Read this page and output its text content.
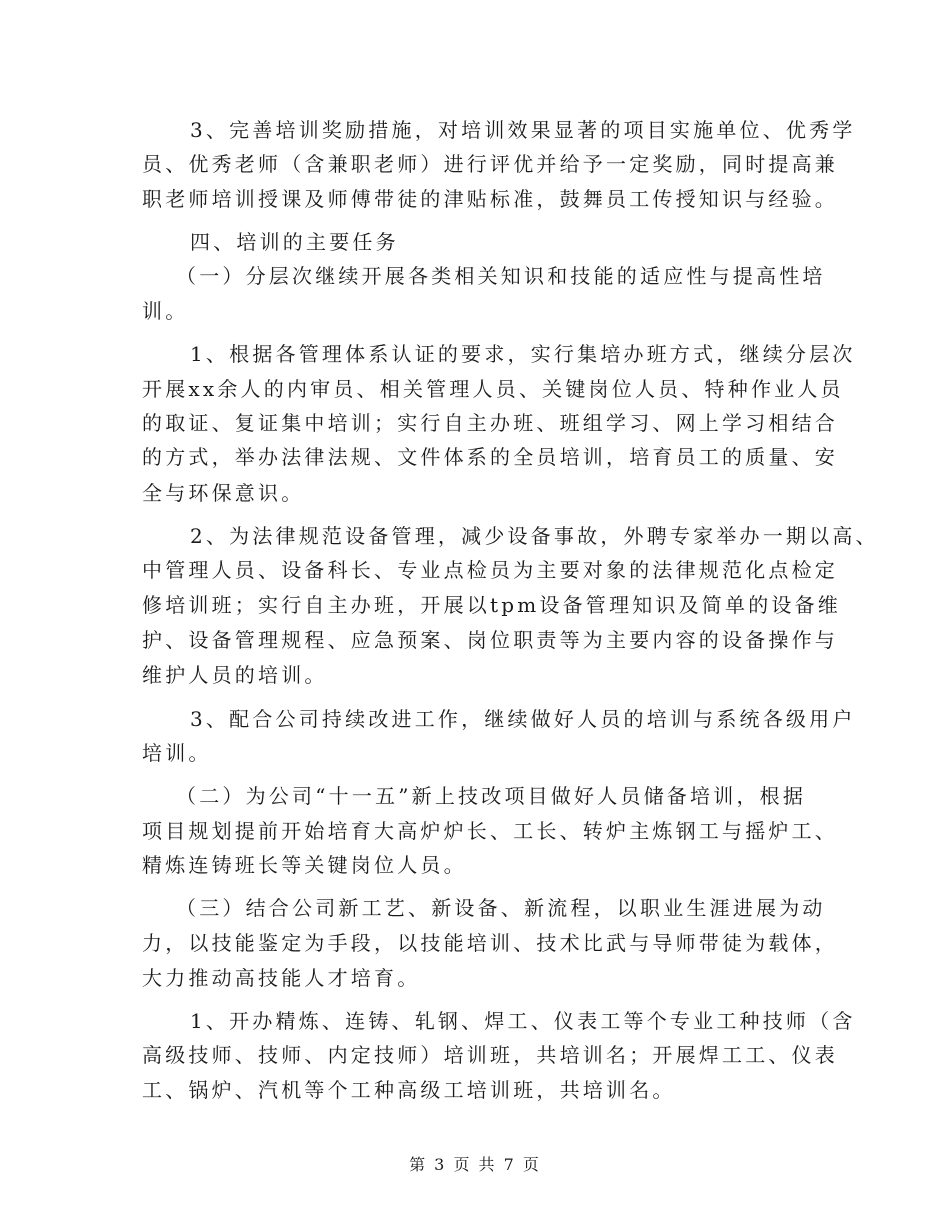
3、完善培训奖励措施，对培训效果显著的项目实施单位、优秀学
员、优秀老师（含兼职老师）进行评优并给予一定奖励，同时提高兼
职老师培训授课及师傅带徒的津贴标准，鼓舞员工传授知识与经验。
四、培训的主要任务
（一）分层次继续开展各类相关知识和技能的适应性与提高性培
训。
1、根据各管理体系认证的要求，实行集培办班方式，继续分层次
开展xx余人的内审员、相关管理人员、关键岗位人员、特种作业人员
的取证、复证集中培训；实行自主办班、班组学习、网上学习相结合
的方式，举办法律法规、文件体系的全员培训，培育员工的质量、安
全与环保意识。
2、为法律规范设备管理，减少设备事故，外聘专家举办一期以高、
中管理人员、设备科长、专业点检员为主要对象的法律规范化点检定
修培训班；实行自主办班，开展以tpm设备管理知识及简单的设备维
护、设备管理规程、应急预案、岗位职责等为主要内容的设备操作与
维护人员的培训。
3、配合公司持续改进工作，继续做好人员的培训与系统各级用户
培训。
（二）为公司“十一五”新上技改项目做好人员储备培训，根据
项目规划提前开始培育大高炉炉长、工长、转炉主炼钢工与摇炉工、
精炼连铸班长等关键岗位人员。
（三）结合公司新工艺、新设备、新流程，以职业生涯进展为动
力，以技能鉴定为手段，以技能培训、技术比武与导师带徒为载体，
大力推动高技能人才培育。
1、开办精炼、连铸、轧钢、焊工、仪表工等个专业工种技师（含
高级技师、技师、内定技师）培训班，共培训名；开展焊工工、仪表
工、锅炉、汽机等个工种高级工培训班，共培训名。
第 3 页 共 7 页
